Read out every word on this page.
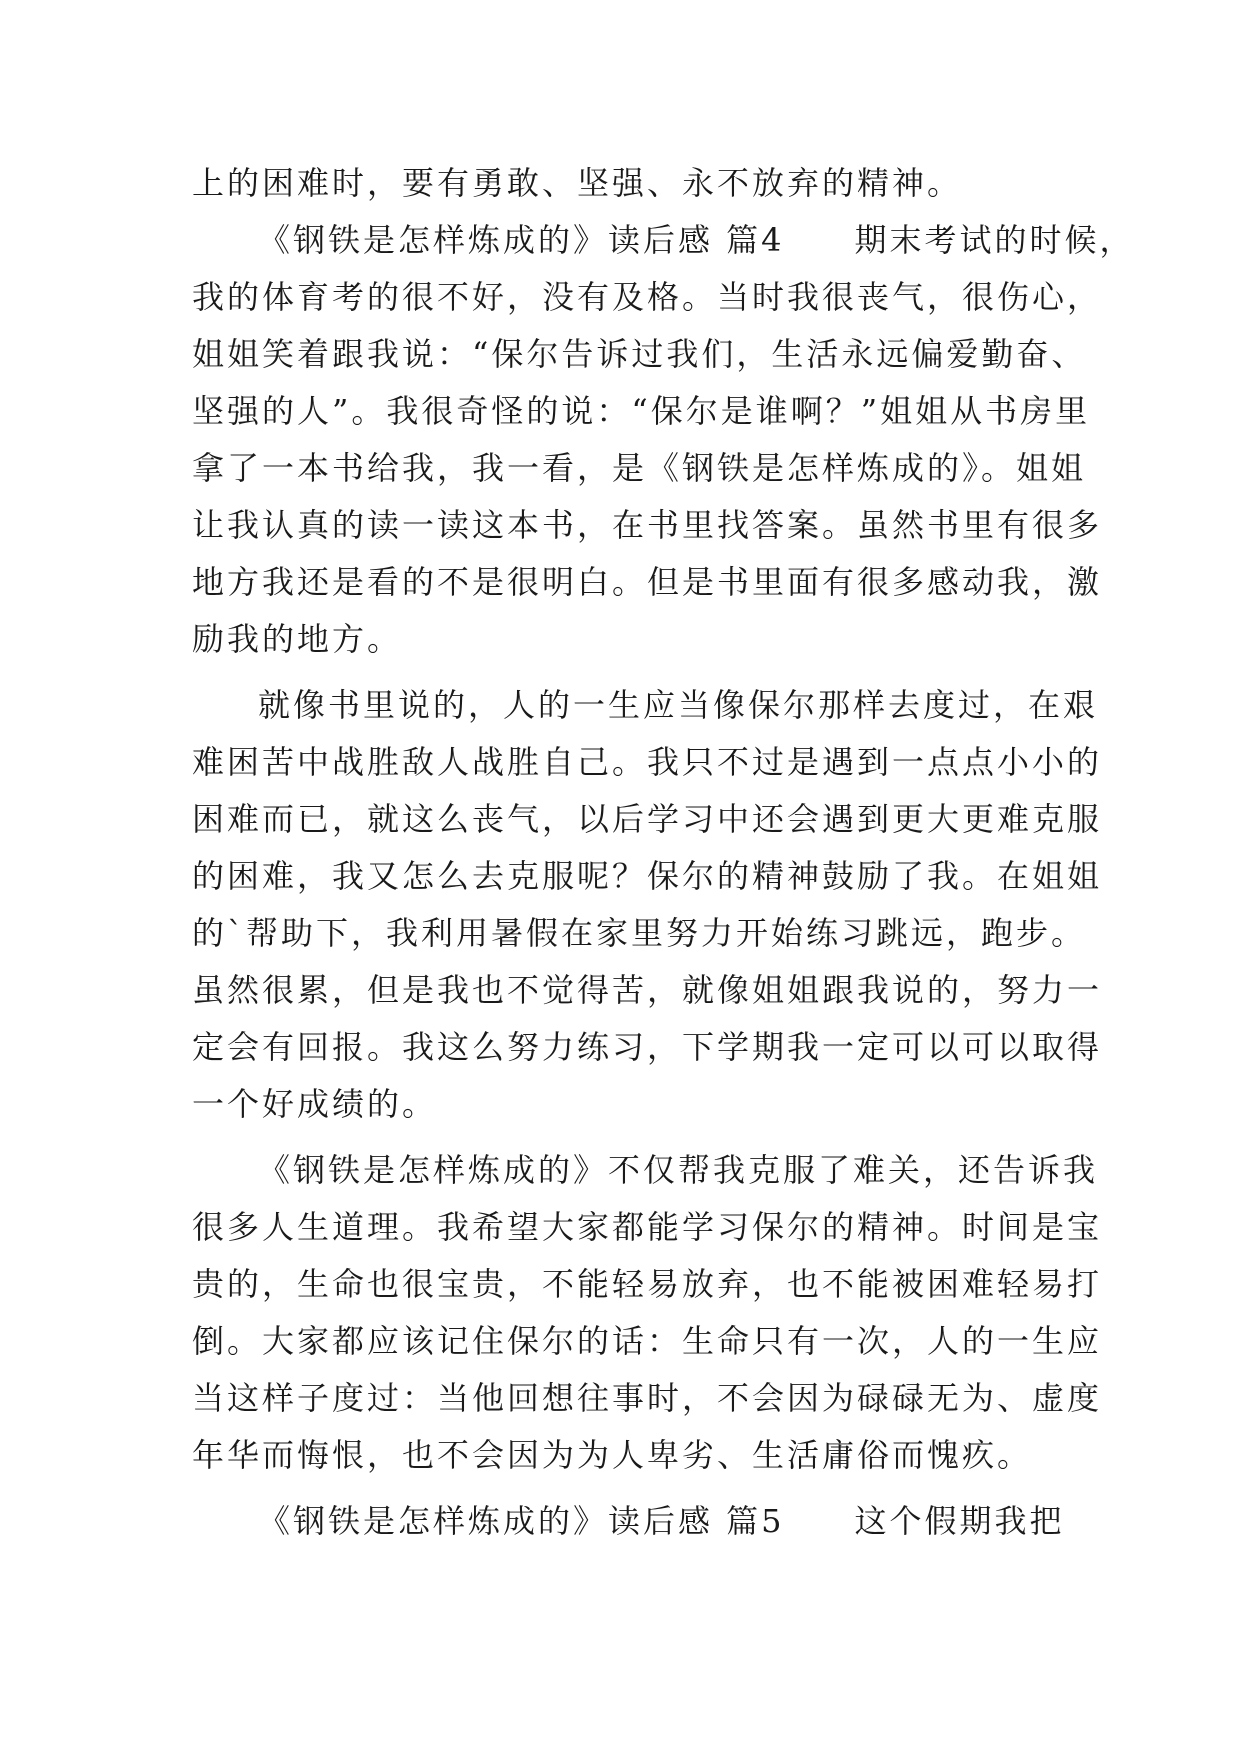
上的困难时，要有勇敢、坚强、永不放弃的精神。
《钢铁是怎样炼成的》读后感 篇4　　期末考试的时候，
我的体育考的很不好，没有及格。当时我很丧气，很伤心，
姐姐笑着跟我说：“保尔告诉过我们，生活永远偏爱勤奋、
坚强的人”。我很奇怪的说：“保尔是谁啊？”姐姐从书房里
拿了一本书给我，我一看，是《钢铁是怎样炼成的》。姐姐
让我认真的读一读这本书，在书里找答案。虽然书里有很多
地方我还是看的不是很明白。但是书里面有很多感动我，激
励我的地方。
就像书里说的，人的一生应当像保尔那样去度过，在艰
难困苦中战胜敌人战胜自己。我只不过是遇到一点点小小的
困难而已，就这么丧气，以后学习中还会遇到更大更难克服
的困难，我又怎么去克服呢？保尔的精神鼓励了我。在姐姐
的`帮助下，我利用暑假在家里努力开始练习跳远，跑步。
虽然很累，但是我也不觉得苦，就像姐姐跟我说的，努力一
定会有回报。我这么努力练习，下学期我一定可以可以取得
一个好成绩的。
《钢铁是怎样炼成的》不仅帮我克服了难关，还告诉我
很多人生道理。我希望大家都能学习保尔的精神。时间是宝
贵的，生命也很宝贵，不能轻易放弃，也不能被困难轻易打
倒。大家都应该记住保尔的话：生命只有一次，人的一生应
当这样子度过：当他回想往事时，不会因为碌碌无为、虚度
年华而悔恨，也不会因为为人卑劣、生活庸俗而愧疚。
《钢铁是怎样炼成的》读后感 篇5　　这个假期我把
